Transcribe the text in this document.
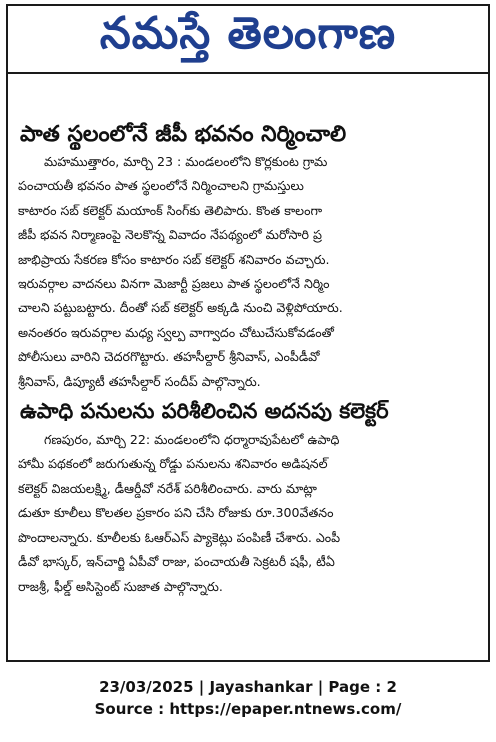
నమస్తే తెలంగాణ
పాత స్థలంలోనే జీపీ భవనం నిర్మించాలి
మహముత్తారం, మార్చి 23 : మండలంలోని కొర్లకుంట గ్రామ
పంచాయతీ భవనం పాత స్థలంలోనే నిర్మించాలని గ్రామస్తులు
కాటారం సబ్ కలెక్టర్ మయాంక్ సింగ్‌కు తెలిపారు. కొంత కాలంగా
జీపీ భవన నిర్మాణంపై నెలకొన్న వివాదం నేపథ్యంలో మరోసారి ప్ర
జాభిప్రాయ సేకరణ కోసం కాటారం సబ్ కలెక్టర్ శనివారం వచ్చారు.
ఇరువర్గాల వాదనలు వినగా మెజార్టీ ప్రజలు పాత స్థలంలోనే నిర్మిం
చాలని పట్టుబట్టారు. దీంతో సబ్ కలెక్టర్ అక్కడి నుంచి వెళ్లిపోయారు.
అనంతరం ఇరువర్గాల మధ్య స్వల్ప వాగ్వాదం చోటుచేసుకోవడంతో
పోలీసులు వారిని చెదరగొట్టారు. తహసీల్దార్ శ్రీనివాస్, ఎంపీడీవో
శ్రీనివాస్, డిప్యూటీ తహసీల్దార్ సందీప్ పాల్గొన్నారు.
ఉపాధి పనులను పరిశీలించిన అదనపు కలెక్టర్
గణపురం, మార్చి 22: మండలంలోని ధర్మారావుపేటలో ఉపాధి
హామీ పథకంలో జరుగుతున్న రోడ్డు పనులను శనివారం అడిషనల్
కలెక్టర్ విజయలక్ష్మి, డీఆర్డీవో నరేశ్ పరిశీలించారు. వారు మాట్లా
డుతూ కూలీలు కొలతల ప్రకారం పని చేసి రోజుకు రూ.300వేతనం
పొందాలన్నారు. కూలీలకు ఓఆర్ఎస్ ప్యాకెట్లు పంపిణీ చేశారు. ఎంపీ
డీవో భాస్కర్, ఇన్‌చార్జి ఏపీవో రాజు, పంచాయతీ సెక్రటరీ షఫీ, టీఏ
రాజశ్రీ, ఫీల్డ్ అసిస్టెంట్ సుజాత పాల్గొన్నారు.
23/03/2025 | Jayashankar | Page : 2
Source : https://epaper.ntnews.com/
